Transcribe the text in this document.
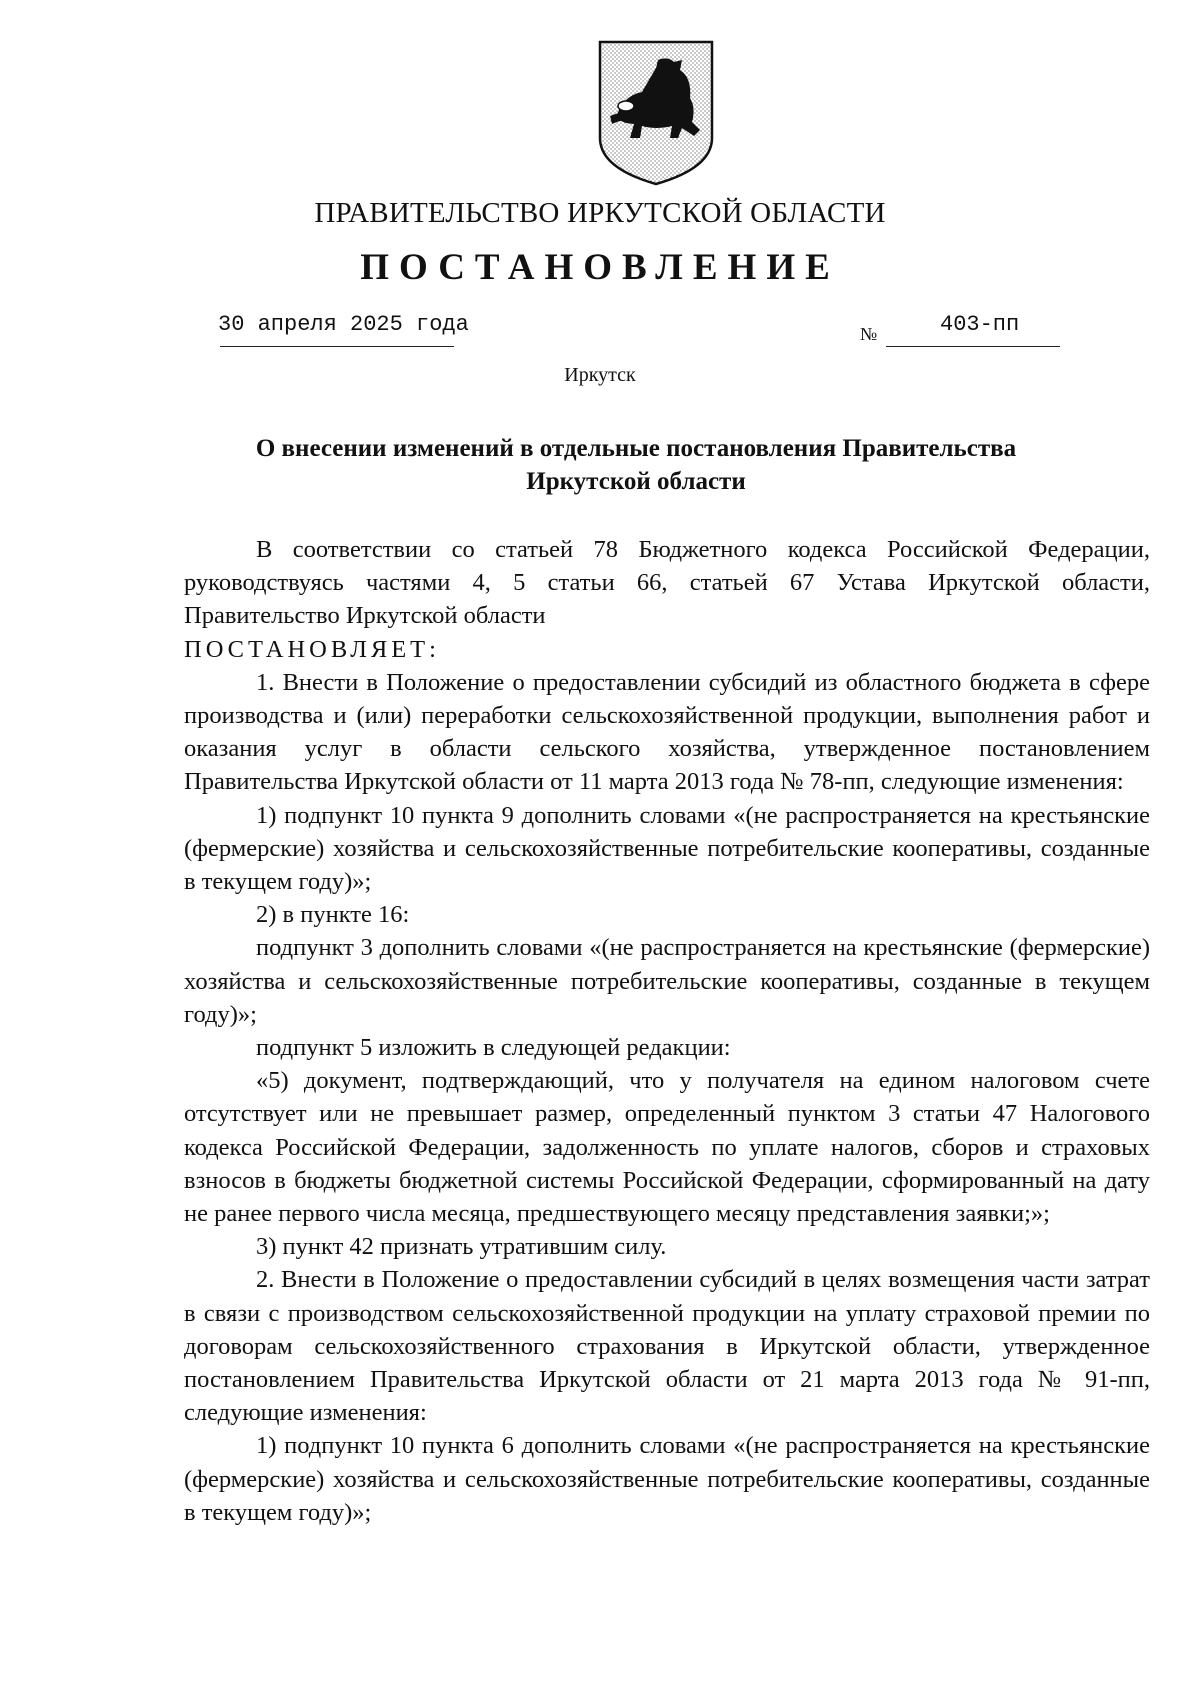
ПРАВИТЕЛЬСТВО ИРКУТСКОЙ ОБЛАСТИ
ПОСТАНОВЛЕНИЕ
30 апреля 2025 года	№	403-пп
Иркутск
О внесении изменений в отдельные постановления Правительства
Иркутской области

В соответствии со статьей 78 Бюджетного кодекса Российской Федерации, руководствуясь частями 4, 5 статьи 66, статьей 67 Устава Иркутской области, Правительство Иркутской области

ПОСТАНОВЛЯЕТ:

1. Внести в Положение о предоставлении субсидий из областного бюджета в сфере производства и (или) переработки сельскохозяйственной продукции, выполнения работ и оказания услуг в области сельского хозяйства, утвержденное постановлением Правительства Иркутской области от 11 марта 2013 года № 78-пп, следующие изменения:

1) подпункт 10 пункта 9 дополнить словами «(не распространяется на крестьянские (фермерские) хозяйства и сельскохозяйственные потребительские кооперативы, созданные в текущем году)»;

2) в пункте 16:

подпункт 3 дополнить словами «(не распространяется на крестьянские (фермерские) хозяйства и сельскохозяйственные потребительские кооперативы, созданные в текущем году)»;

подпункт 5 изложить в следующей редакции:

«5) документ, подтверждающий, что у получателя на едином налоговом счете отсутствует или не превышает размер, определенный пунктом 3 статьи 47 Налогового кодекса Российской Федерации, задолженность по уплате налогов, сборов и страховых взносов в бюджеты бюджетной системы Российской Федерации, сформированный на дату не ранее первого числа месяца, предшествующего месяцу представления заявки;»;

3) пункт 42 признать утратившим силу.

2. Внести в Положение о предоставлении субсидий в целях возмещения части затрат в связи с производством сельскохозяйственной продукции на уплату страховой премии по договорам сельскохозяйственного страхования в Иркутской области, утвержденное постановлением Правительства Иркутской области от 21 марта 2013 года № 91-пп, следующие изменения:

1) подпункт 10 пункта 6 дополнить словами «(не распространяется на крестьянские (фермерские) хозяйства и сельскохозяйственные потребительские кооперативы, созданные в текущем году)»;
